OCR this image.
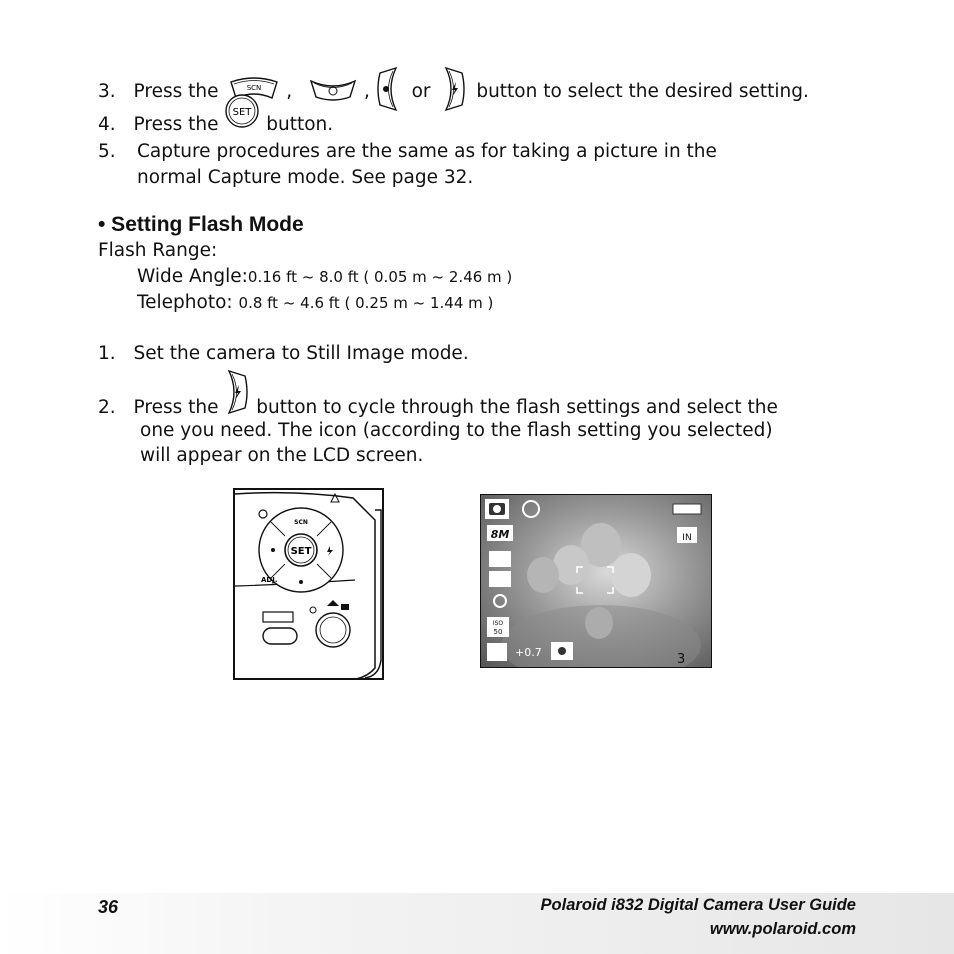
3. Press the	SCN ,	, or button to select the desired setting.
4. Press the
SET
button.
5. Capture procedures are the same as for taking a picture in the
normal Capture mode. See page 32.
• Setting Flash Mode
Flash Range:
Wide Angle:0.16 ft ~ 8.0 ft ( 0.05 m ~ 2.46 m )
Telephoto: 0.8 ft ~ 4.6 ft ( 0.25 m ~ 1.44 m )
1. Set the camera to Still Image mode.
2. Press the button to cycle through the flash settings and select the
one you need. The icon (according to the flash setting you selected)
will appear on the LCD screen.
SET
SCN
ADJ.
8M	IN
ISO
50
+0.7	3
36	Polaroid i832 Digital Camera User Guide
www.polaroid.com
